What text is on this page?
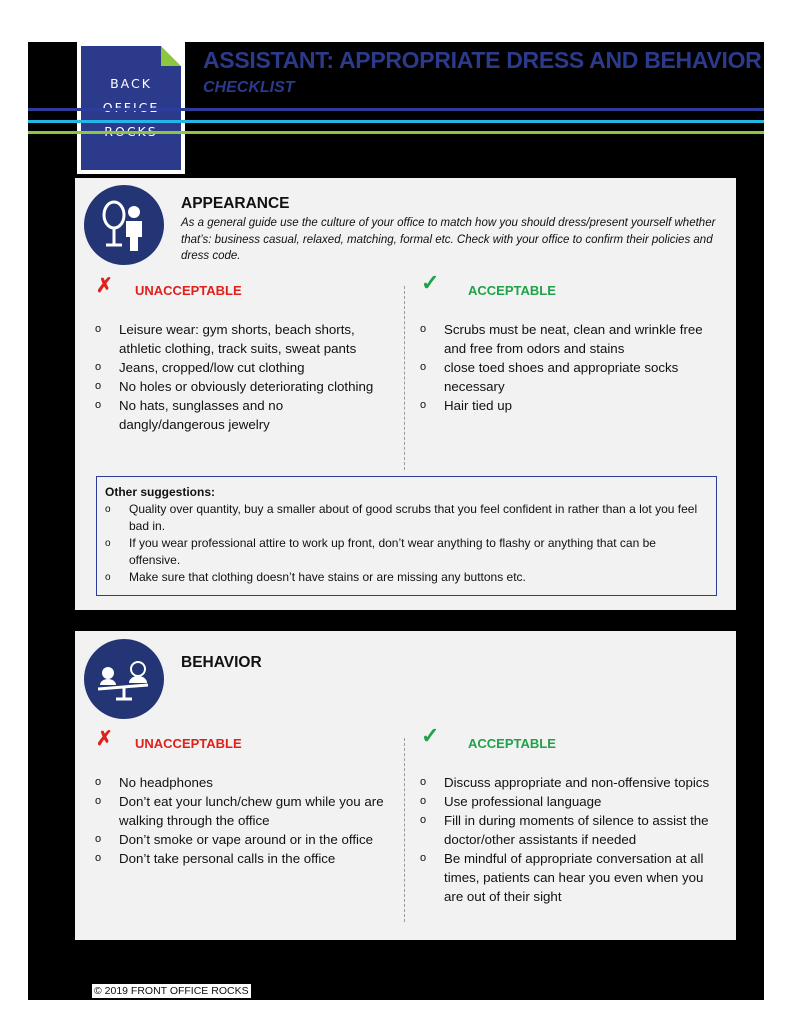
BACK
ASSISTANT: APPROPRIATE DRESS AND BEHAVIOR
CHECKLIST
APPEARANCE
As a general guide use the culture of your office to match how you should dress/present yourself whether that’s: business casual, relaxed, matching, formal etc. Check with your office to confirm their policies and dress code.
✗ UNACCEPTABLE	✓ ACCEPTABLE
o Leisure wear: gym shorts, beach shorts, athletic clothing, track suits, sweat pants
o Jeans, cropped/low cut clothing
o No holes or obviously deteriorating clothing
o No hats, sunglasses and no dangly/dangerous jewelry
o Scrubs must be neat, clean and wrinkle free and free from odors and stains
o close toed shoes and appropriate socks necessary
o Hair tied up
Other suggestions:
o Quality over quantity, buy a smaller about of good scrubs that you feel confident in rather than a lot you feel bad in.
o If you wear professional attire to work up front, don’t wear anything to flashy or anything that can be offensive.
o Make sure that clothing doesn’t have stains or are missing any buttons etc.
BEHAVIOR
✗ UNACCEPTABLE	✓ ACCEPTABLE
o No headphones
o Don’t eat your lunch/chew gum while you are walking through the office
o Don’t smoke or vape around or in the office
o Don’t take personal calls in the office
o Discuss appropriate and non-offensive topics
o Use professional language
o Fill in during moments of silence to assist the doctor/other assistants if needed
o Be mindful of appropriate conversation at all times, patients can hear you even when you are out of their sight
© 2019 FRONT OFFICE ROCKS
